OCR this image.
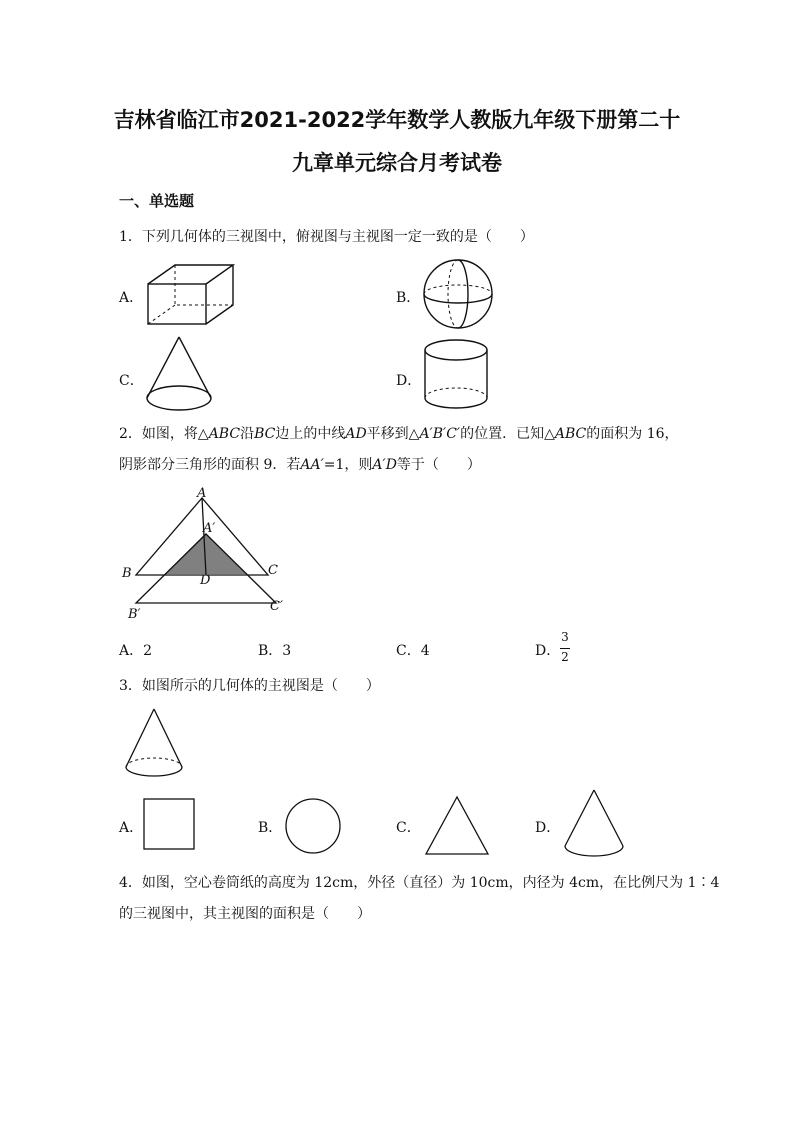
吉林省临江市2021-2022学年数学人教版九年级下册第二十
九章单元综合月考试卷
一、单选题
1．下列几何体的三视图中，俯视图与主视图一定一致的是（　　）
A．	B．
C．	D．
2．如图，将△ABC沿BC边上的中线AD平移到△A′B′C′的位置．已知△ABC的面积为 16，
阴影部分三角形的面积 9．若AA′=1，则A′D等于（　　）
A
A′
B	C
D
B′
C′
A．2	B．3	C．4	D．
3
2
3．如图所示的几何体的主视图是（　　）
A．	B．	C．	D．
4．如图，空心卷筒纸的高度为 12cm，外径（直径）为 10cm，内径为 4cm，在比例尺为 1∶4
的三视图中，其主视图的面积是（　　）
